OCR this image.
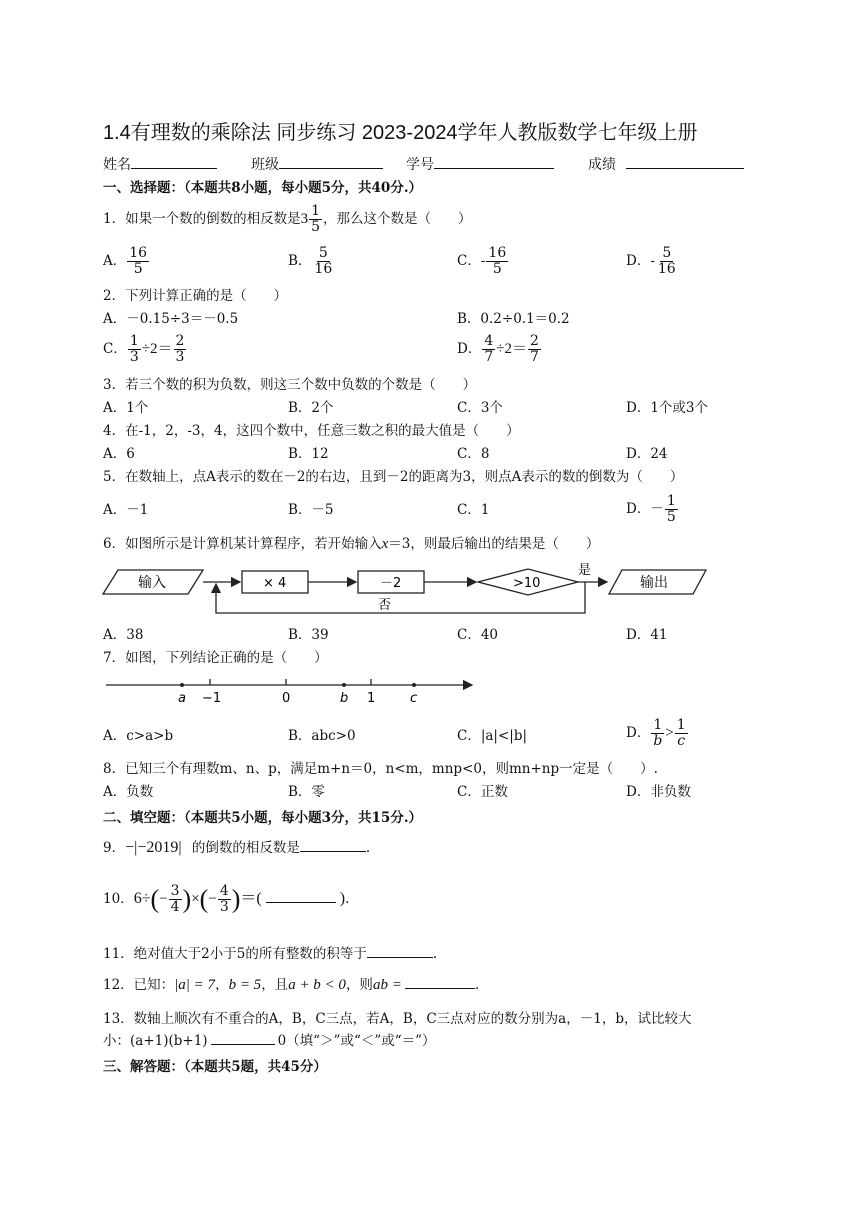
1.4有理数的乘除法 同步练习 2023-2024学年人教版数学七年级上册
姓名	班级	学号	成绩
一、选择题：（本题共8小题，每小题5分，共40分.）
1．如果一个数的倒数的相反数是$3 \frac{1}{5}$ ，那么这个数是（　　）
A． $\frac{16}{5}$	B． $\frac{5}{16}$	C．- $\frac{16}{5}$	D．- $\frac{5}{16}$
2．下列计算正确的是（　　）
A．－0.15÷3＝－0.5	B．0.2÷0.1＝0.2
C． $\frac{1}{3} \div 2= \frac{2}{3}$	D． $\frac{4}{7} \div 2= \frac{2}{7}$
3．若三个数的积为负数，则这三个数中负数的个数是（　　）
A．1个	B．2个	C．3个	D．1个或3个
4．在-1，2，-3，4，这四个数中，任意三数之积的最大值是（　　）
A．6	B．12	C．8	D．24
5．在数轴上，点A表示的数在－2的右边，且到－2的距离为3，则点A表示的数的倒数为（　　）
A．－1	B．－5	C．1	D．－ $\frac{1}{5}$
6．如图所示是计算机某计算程序，若开始输入x＝3，则最后输出的结果是（　　）
输入	× 4	－2	>10
是
否
输出
A．38	B．39	C．40	D．41
7．如图，下列结论正确的是（　　）
a −1	0	b 1	c
A．c>a>b	B．abc>0	C．|a|<|b|	D． $\frac{1}{b} > \frac{1}{c}$
8．已知三个有理数m、n、p，满足m+n＝0，n<m，mnp<0，则mn+np一定是（　　）.
A．负数	B．零	C．正数	D．非负数
二、填空题：（本题共5小题，每小题3分，共15分.）
9．−|−2019| 的倒数的相反数是	.
10．$6\div(- \frac{3}{4}$ )×(− $\frac{4}{3}$ )＝(	).
11．绝对值大于2小于5的所有整数的积等于	.
12．已知：|a| = 7，b = 5，且a + b < 0，则ab =	.
13．数轴上顺次有不重合的A，B，C三点，若A，B，C三点对应的数分别为a，－1，b，试比较大
小：(a+1)(b+1)	0（填“＞”或“＜”或“＝”）
三、解答题：（本题共5题，共45分）
